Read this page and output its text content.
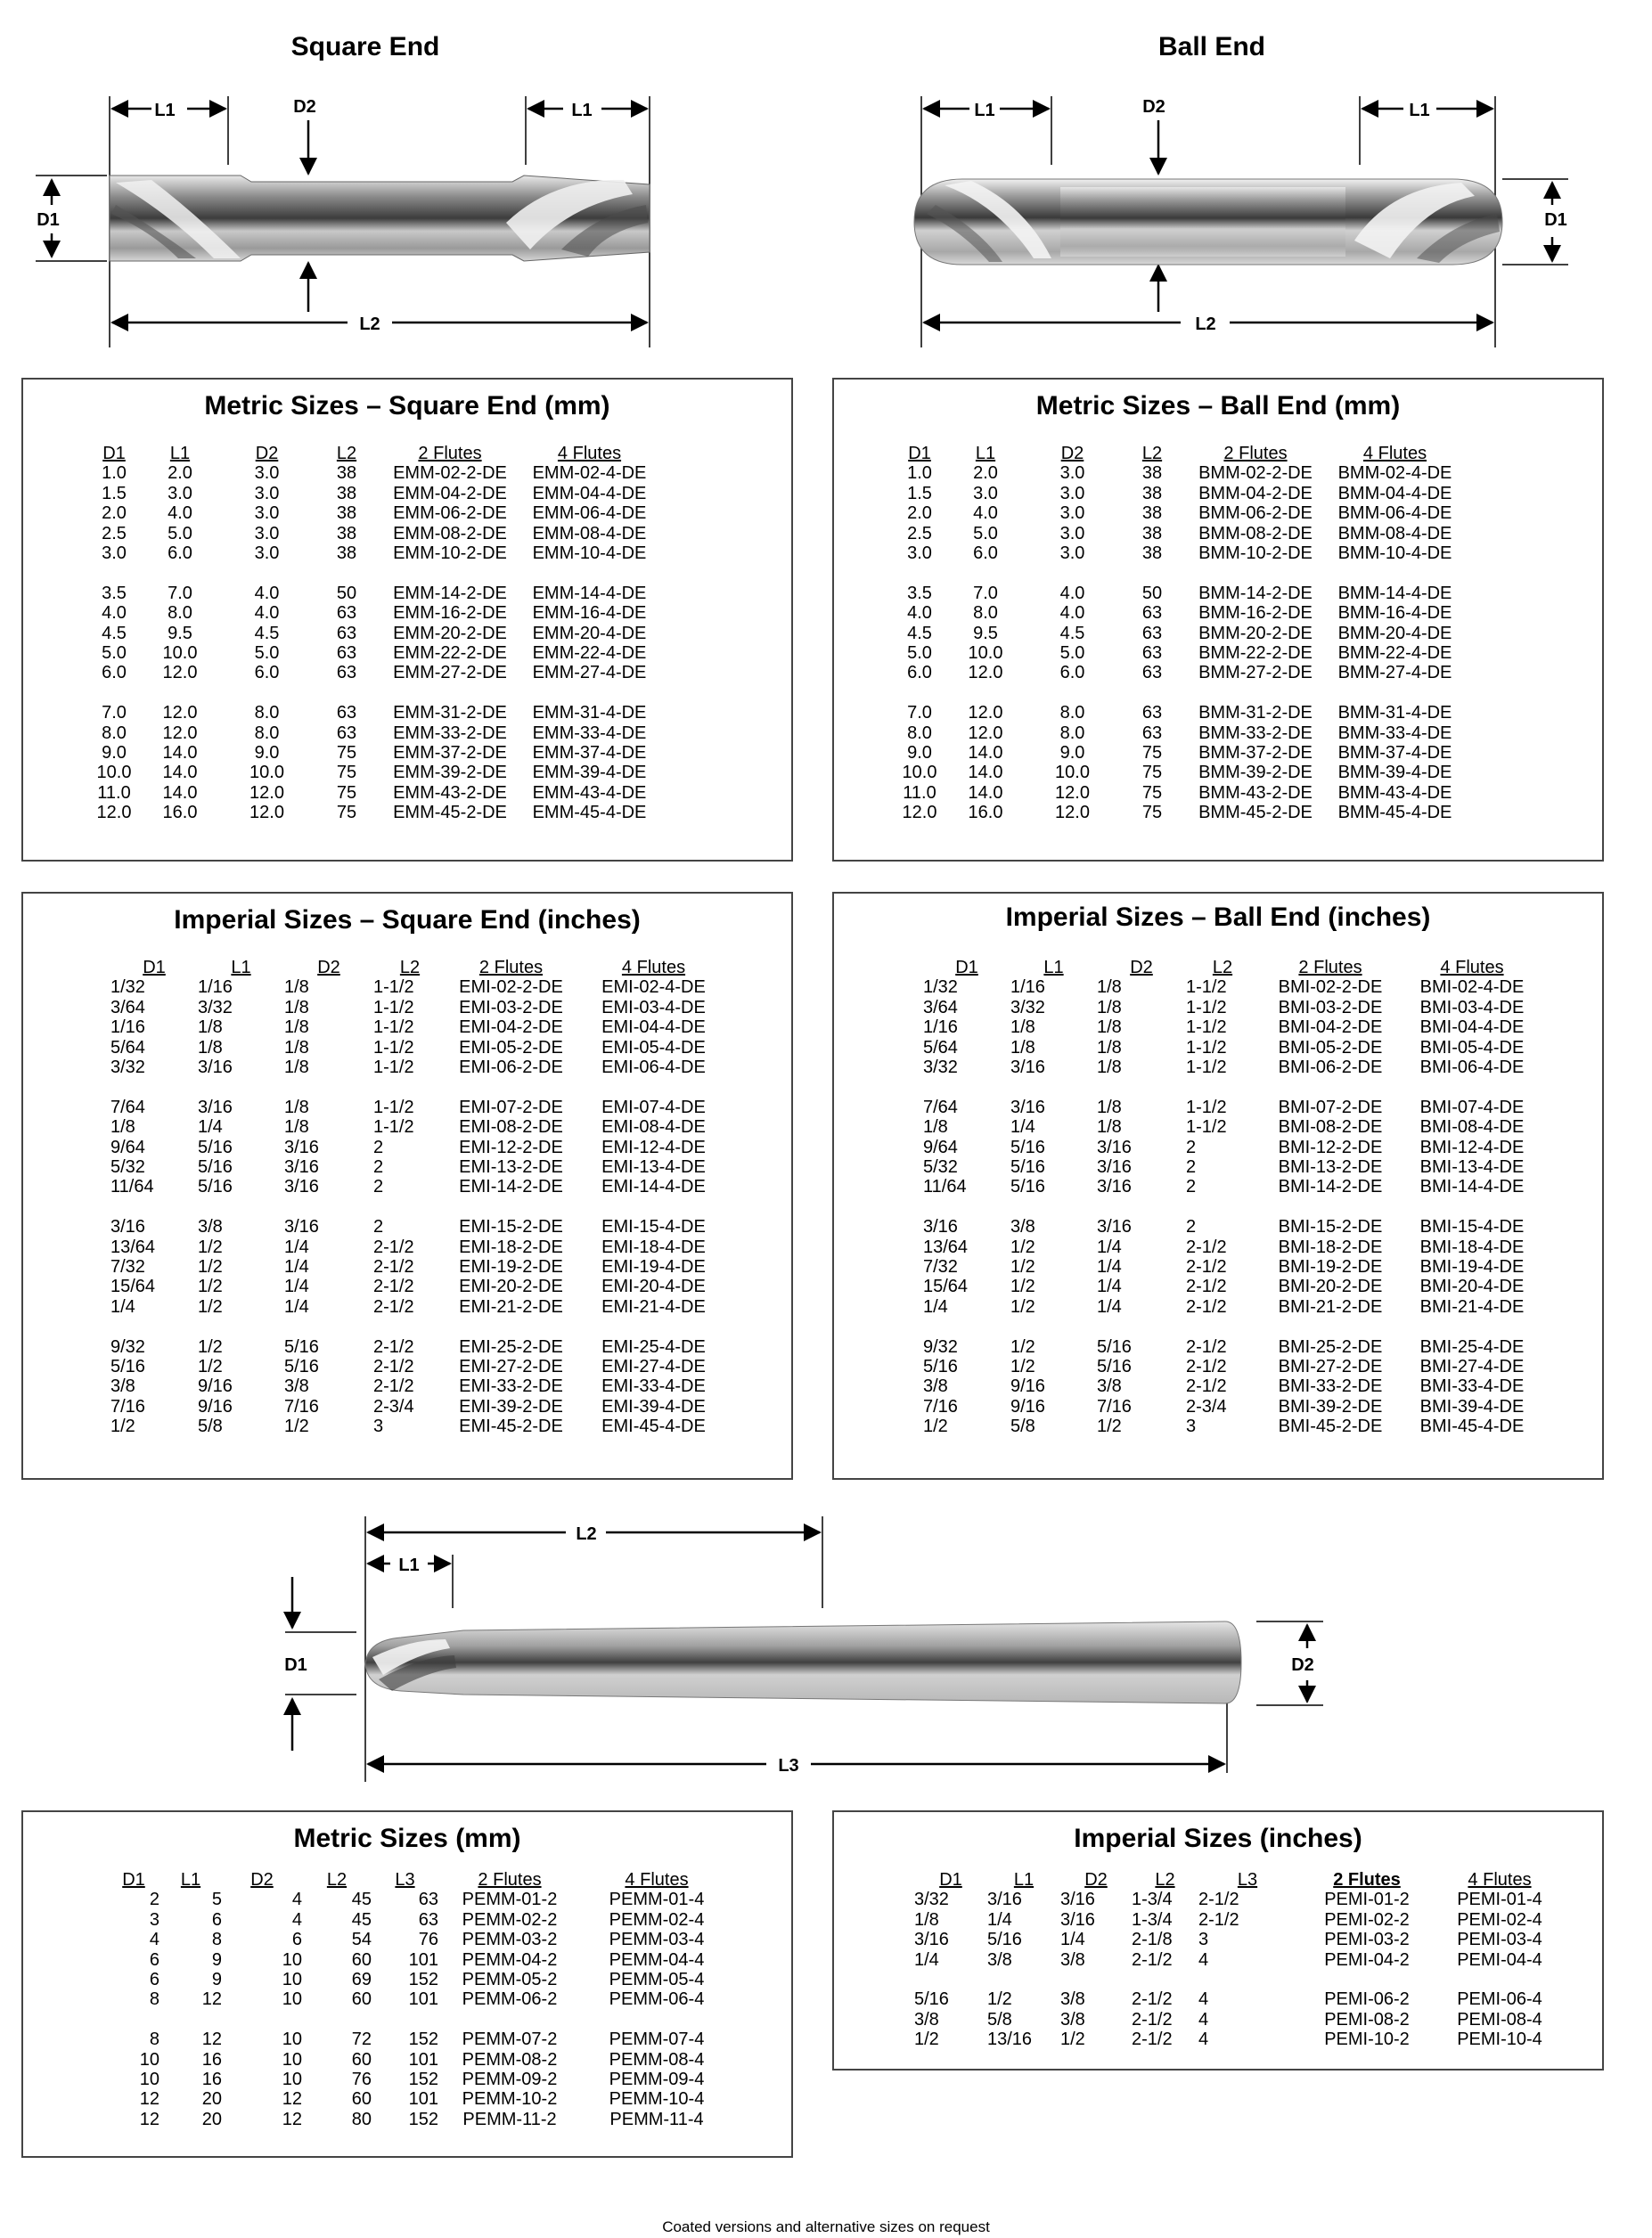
Square End	Ball End
L1	L1
D2
D1
L2
L1	L1
D2
D1
L2
Metric Sizes – Square End (mm)
D1	L1	D2	L2	2 Flutes	4 Flutes
1.0	2.0	3.0	38	EMM-02-2-DE	EMM-02-4-DE
1.5	3.0	3.0	38	EMM-04-2-DE	EMM-04-4-DE
2.0	4.0	3.0	38	EMM-06-2-DE	EMM-06-4-DE
2.5	5.0	3.0	38	EMM-08-2-DE	EMM-08-4-DE
3.0	6.0	3.0	38	EMM-10-2-DE	EMM-10-4-DE

3.5	7.0	4.0	50	EMM-14-2-DE	EMM-14-4-DE
4.0	8.0	4.0	63	EMM-16-2-DE	EMM-16-4-DE
4.5	9.5	4.5	63	EMM-20-2-DE	EMM-20-4-DE
5.0	10.0	5.0	63	EMM-22-2-DE	EMM-22-4-DE
6.0	12.0	6.0	63	EMM-27-2-DE	EMM-27-4-DE

7.0	12.0	8.0	63	EMM-31-2-DE	EMM-31-4-DE
8.0	12.0	8.0	63	EMM-33-2-DE	EMM-33-4-DE
9.0	14.0	9.0	75	EMM-37-2-DE	EMM-37-4-DE
10.0	14.0	10.0	75	EMM-39-2-DE	EMM-39-4-DE
11.0	14.0	12.0	75	EMM-43-2-DE	EMM-43-4-DE
12.0	16.0	12.0	75	EMM-45-2-DE	EMM-45-4-DE
Metric Sizes – Ball End (mm)
D1	L1	D2	L2	2 Flutes	4 Flutes
1.0	2.0	3.0	38	BMM-02-2-DE	BMM-02-4-DE
1.5	3.0	3.0	38	BMM-04-2-DE	BMM-04-4-DE
2.0	4.0	3.0	38	BMM-06-2-DE	BMM-06-4-DE
2.5	5.0	3.0	38	BMM-08-2-DE	BMM-08-4-DE
3.0	6.0	3.0	38	BMM-10-2-DE	BMM-10-4-DE

3.5	7.0	4.0	50	BMM-14-2-DE	BMM-14-4-DE
4.0	8.0	4.0	63	BMM-16-2-DE	BMM-16-4-DE
4.5	9.5	4.5	63	BMM-20-2-DE	BMM-20-4-DE
5.0	10.0	5.0	63	BMM-22-2-DE	BMM-22-4-DE
6.0	12.0	6.0	63	BMM-27-2-DE	BMM-27-4-DE

7.0	12.0	8.0	63	BMM-31-2-DE	BMM-31-4-DE
8.0	12.0	8.0	63	BMM-33-2-DE	BMM-33-4-DE
9.0	14.0	9.0	75	BMM-37-2-DE	BMM-37-4-DE
10.0	14.0	10.0	75	BMM-39-2-DE	BMM-39-4-DE
11.0	14.0	12.0	75	BMM-43-2-DE	BMM-43-4-DE
12.0	16.0	12.0	75	BMM-45-2-DE	BMM-45-4-DE
Imperial Sizes – Square End (inches)
D1	L1	D2	L2	2 Flutes	4 Flutes
1/32	1/16	1/8	1-1/2	EMI-02-2-DE	EMI-02-4-DE
3/64	3/32	1/8	1-1/2	EMI-03-2-DE	EMI-03-4-DE
1/16	1/8	1/8	1-1/2	EMI-04-2-DE	EMI-04-4-DE
5/64	1/8	1/8	1-1/2	EMI-05-2-DE	EMI-05-4-DE
3/32	3/16	1/8	1-1/2	EMI-06-2-DE	EMI-06-4-DE

7/64	3/16	1/8	1-1/2	EMI-07-2-DE	EMI-07-4-DE
1/8	1/4	1/8	1-1/2	EMI-08-2-DE	EMI-08-4-DE
9/64	5/16	3/16	2	EMI-12-2-DE	EMI-12-4-DE
5/32	5/16	3/16	2	EMI-13-2-DE	EMI-13-4-DE
11/64	5/16	3/16	2	EMI-14-2-DE	EMI-14-4-DE

3/16	3/8	3/16	2	EMI-15-2-DE	EMI-15-4-DE
13/64	1/2	1/4	2-1/2	EMI-18-2-DE	EMI-18-4-DE
7/32	1/2	1/4	2-1/2	EMI-19-2-DE	EMI-19-4-DE
15/64	1/2	1/4	2-1/2	EMI-20-2-DE	EMI-20-4-DE
1/4	1/2	1/4	2-1/2	EMI-21-2-DE	EMI-21-4-DE

9/32	1/2	5/16	2-1/2	EMI-25-2-DE	EMI-25-4-DE
5/16	1/2	5/16	2-1/2	EMI-27-2-DE	EMI-27-4-DE
3/8	9/16	3/8	2-1/2	EMI-33-2-DE	EMI-33-4-DE
7/16	9/16	7/16	2-3/4	EMI-39-2-DE	EMI-39-4-DE
1/2	5/8	1/2	3	EMI-45-2-DE	EMI-45-4-DE
Imperial Sizes – Ball End (inches)
D1	L1	D2	L2	2 Flutes	4 Flutes
1/32	1/16	1/8	1-1/2	BMI-02-2-DE	BMI-02-4-DE
3/64	3/32	1/8	1-1/2	BMI-03-2-DE	BMI-03-4-DE
1/16	1/8	1/8	1-1/2	BMI-04-2-DE	BMI-04-4-DE
5/64	1/8	1/8	1-1/2	BMI-05-2-DE	BMI-05-4-DE
3/32	3/16	1/8	1-1/2	BMI-06-2-DE	BMI-06-4-DE

7/64	3/16	1/8	1-1/2	BMI-07-2-DE	BMI-07-4-DE
1/8	1/4	1/8	1-1/2	BMI-08-2-DE	BMI-08-4-DE
9/64	5/16	3/16	2	BMI-12-2-DE	BMI-12-4-DE
5/32	5/16	3/16	2	BMI-13-2-DE	BMI-13-4-DE
11/64	5/16	3/16	2	BMI-14-2-DE	BMI-14-4-DE

3/16	3/8	3/16	2	BMI-15-2-DE	BMI-15-4-DE
13/64	1/2	1/4	2-1/2	BMI-18-2-DE	BMI-18-4-DE
7/32	1/2	1/4	2-1/2	BMI-19-2-DE	BMI-19-4-DE
15/64	1/2	1/4	2-1/2	BMI-20-2-DE	BMI-20-4-DE
1/4	1/2	1/4	2-1/2	BMI-21-2-DE	BMI-21-4-DE

9/32	1/2	5/16	2-1/2	BMI-25-2-DE	BMI-25-4-DE
5/16	1/2	5/16	2-1/2	BMI-27-2-DE	BMI-27-4-DE
3/8	9/16	3/8	2-1/2	BMI-33-2-DE	BMI-33-4-DE
7/16	9/16	7/16	2-3/4	BMI-39-2-DE	BMI-39-4-DE
1/2	5/8	1/2	3	BMI-45-2-DE	BMI-45-4-DE
L2
L1
D1	D2
L3
Metric Sizes (mm)
D1	L1	D2	L2	L3	2 Flutes	4 Flutes
2	5	4	45	63	PEMM-01-2	PEMM-01-4
3	6	4	45	63	PEMM-02-2	PEMM-02-4
4	8	6	54	76	PEMM-03-2	PEMM-03-4
6	9	10	60	101	PEMM-04-2	PEMM-04-4
6	9	10	69	152	PEMM-05-2	PEMM-05-4
8	12	10	60	101	PEMM-06-2	PEMM-06-4

8	12	10	72	152	PEMM-07-2	PEMM-07-4
10	16	10	60	101	PEMM-08-2	PEMM-08-4
10	16	10	76	152	PEMM-09-2	PEMM-09-4
12	20	12	60	101	PEMM-10-2	PEMM-10-4
12	20	12	80	152	PEMM-11-2	PEMM-11-4
Imperial Sizes (inches)
D1	L1	D2	L2	L3	2 Flutes	4 Flutes
3/32	3/16	3/16	1-3/4	2-1/2	PEMI-01-2	PEMI-01-4
1/8	1/4	3/16	1-3/4	2-1/2	PEMI-02-2	PEMI-02-4
3/16	5/16	1/4	2-1/8	3	PEMI-03-2	PEMI-03-4
1/4	3/8	3/8	2-1/2	4	PEMI-04-2	PEMI-04-4

5/16	1/2	3/8	2-1/2	4	PEMI-06-2	PEMI-06-4
3/8	5/8	3/8	2-1/2	4	PEMI-08-2	PEMI-08-4
1/2	13/16	1/2	2-1/2	4	PEMI-10-2	PEMI-10-4
Coated versions and alternative sizes on request
